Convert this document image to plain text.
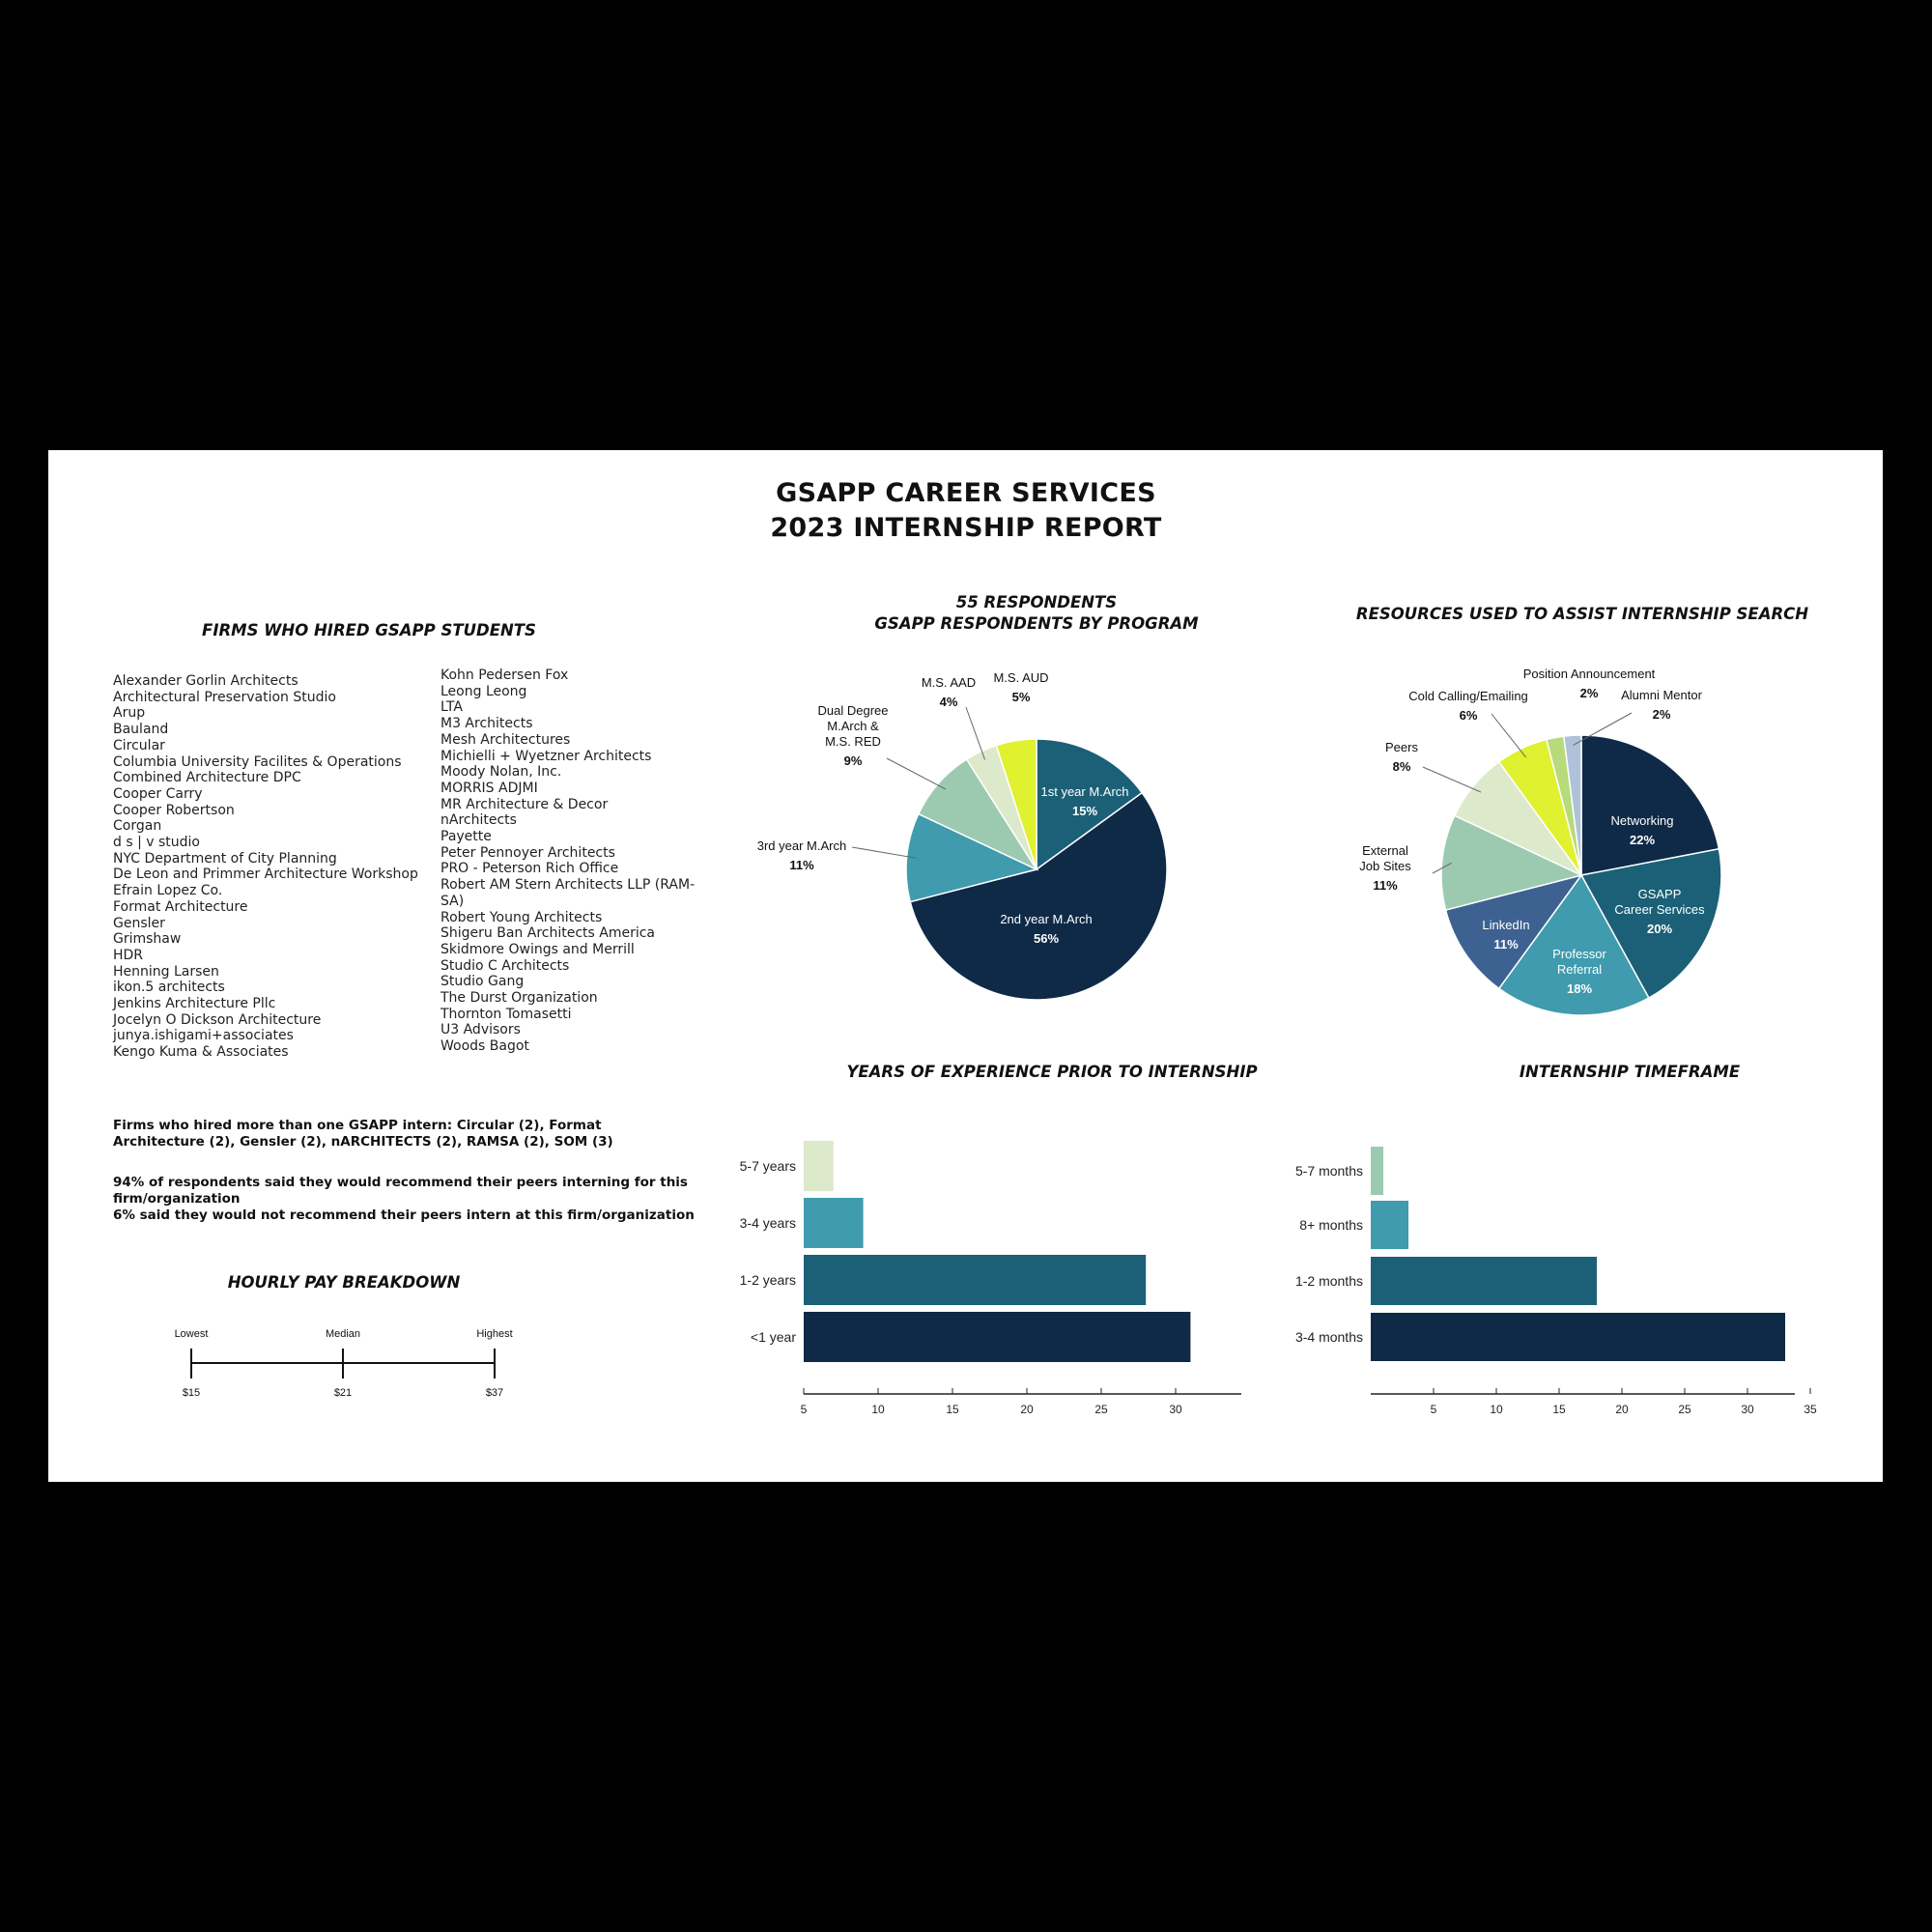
GSAPP CAREER SERVICES
2023 INTERNSHIP REPORT
FIRMS WHO HIRED GSAPP STUDENTS
Alexander Gorlin Architects
Architectural Preservation Studio
Arup
Bauland
Circular
Columbia University Facilites & Operations
Combined Architecture DPC
Cooper Carry
Cooper Robertson
Corgan
d s | v studio
NYC Department of City Planning
De Leon and Primmer Architecture Workshop
Efrain Lopez Co.
Format Architecture
Gensler
Grimshaw
HDR
Henning Larsen
ikon.5 architects
Jenkins Architecture Pllc
Jocelyn O Dickson Architecture
junya.ishigami+associates
Kengo Kuma & Associates
Kohn Pedersen Fox
Leong Leong
LTA
M3 Architects
Mesh Architectures
Michielli + Wyetzner Architects
Moody Nolan, Inc.
MORRIS ADJMI
MR Architecture & Decor
nArchitects
Payette
Peter Pennoyer Architects
PRO - Peterson Rich Office
Robert AM Stern Architects LLP (RAM-SA)
Robert Young Architects
Shigeru Ban Architects America
Skidmore Owings and Merrill
Studio C Architects
Studio Gang
The Durst Organization
Thornton Tomasetti
U3 Advisors
Woods Bagot
Firms who hired more than one GSAPP intern: Circular (2), Format Architecture (2), Gensler (2), nARCHITECTS (2), RAMSA (2), SOM (3)
94% of respondents said they would recommend their peers interning for this firm/organization
6% said they would not recommend their peers intern at this firm/organization
HOURLY PAY BREAKDOWN
Lowest
$15
Median
$21
Highest
$37
55 RESPONDENTS
GSAPP RESPONDENTS BY PROGRAM
1st year M.Arch
15%
2nd year M.Arch
56%
3rd year M.Arch
11%
Dual Degree
M.Arch &
M.S. RED
9%
M.S. AAD
4%
M.S. AUD
5%
RESOURCES USED TO ASSIST INTERNSHIP SEARCH
Networking
22%
GSAPP
Career Services
20%
Professor
Referral
18%
LinkedIn
11%
External
Job Sites
11%
Peers
8%
Cold Calling/Emailing
6%
Position Announcement
2% Alumni Mentor
2%
YEARS OF EXPERIENCE PRIOR TO INTERNSHIP
5-7 years
3-4 years
1-2 years
<1 year
5	10	15	20	25	30
INTERNSHIP TIMEFRAME
5-7 months
8+ months
1-2 months
3-4 months
5	10	15	20	25	30	35
